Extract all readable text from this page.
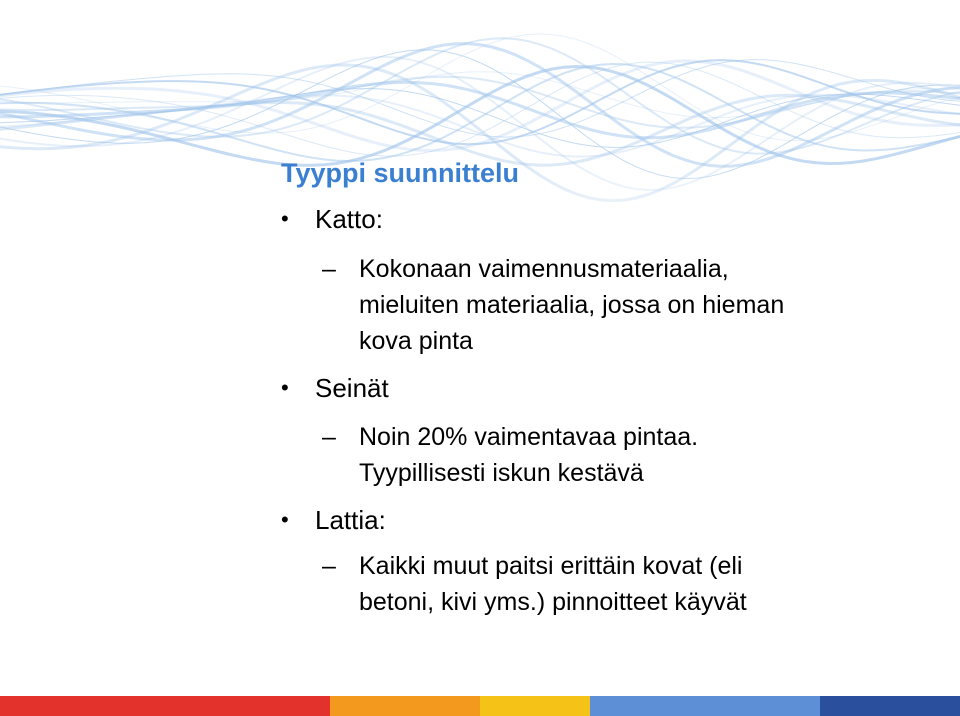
Tyyppi suunnittelu
• Katto:
– Kokonaan vaimennusmateriaalia,
mieluiten materiaalia, jossa on hieman
kova pinta
• Seinät
– Noin 20% vaimentavaa pintaa.
Tyypillisesti iskun kestävä
• Lattia:
– Kaikki muut paitsi erittäin kovat (eli
betoni, kivi yms.) pinnoitteet käyvät
